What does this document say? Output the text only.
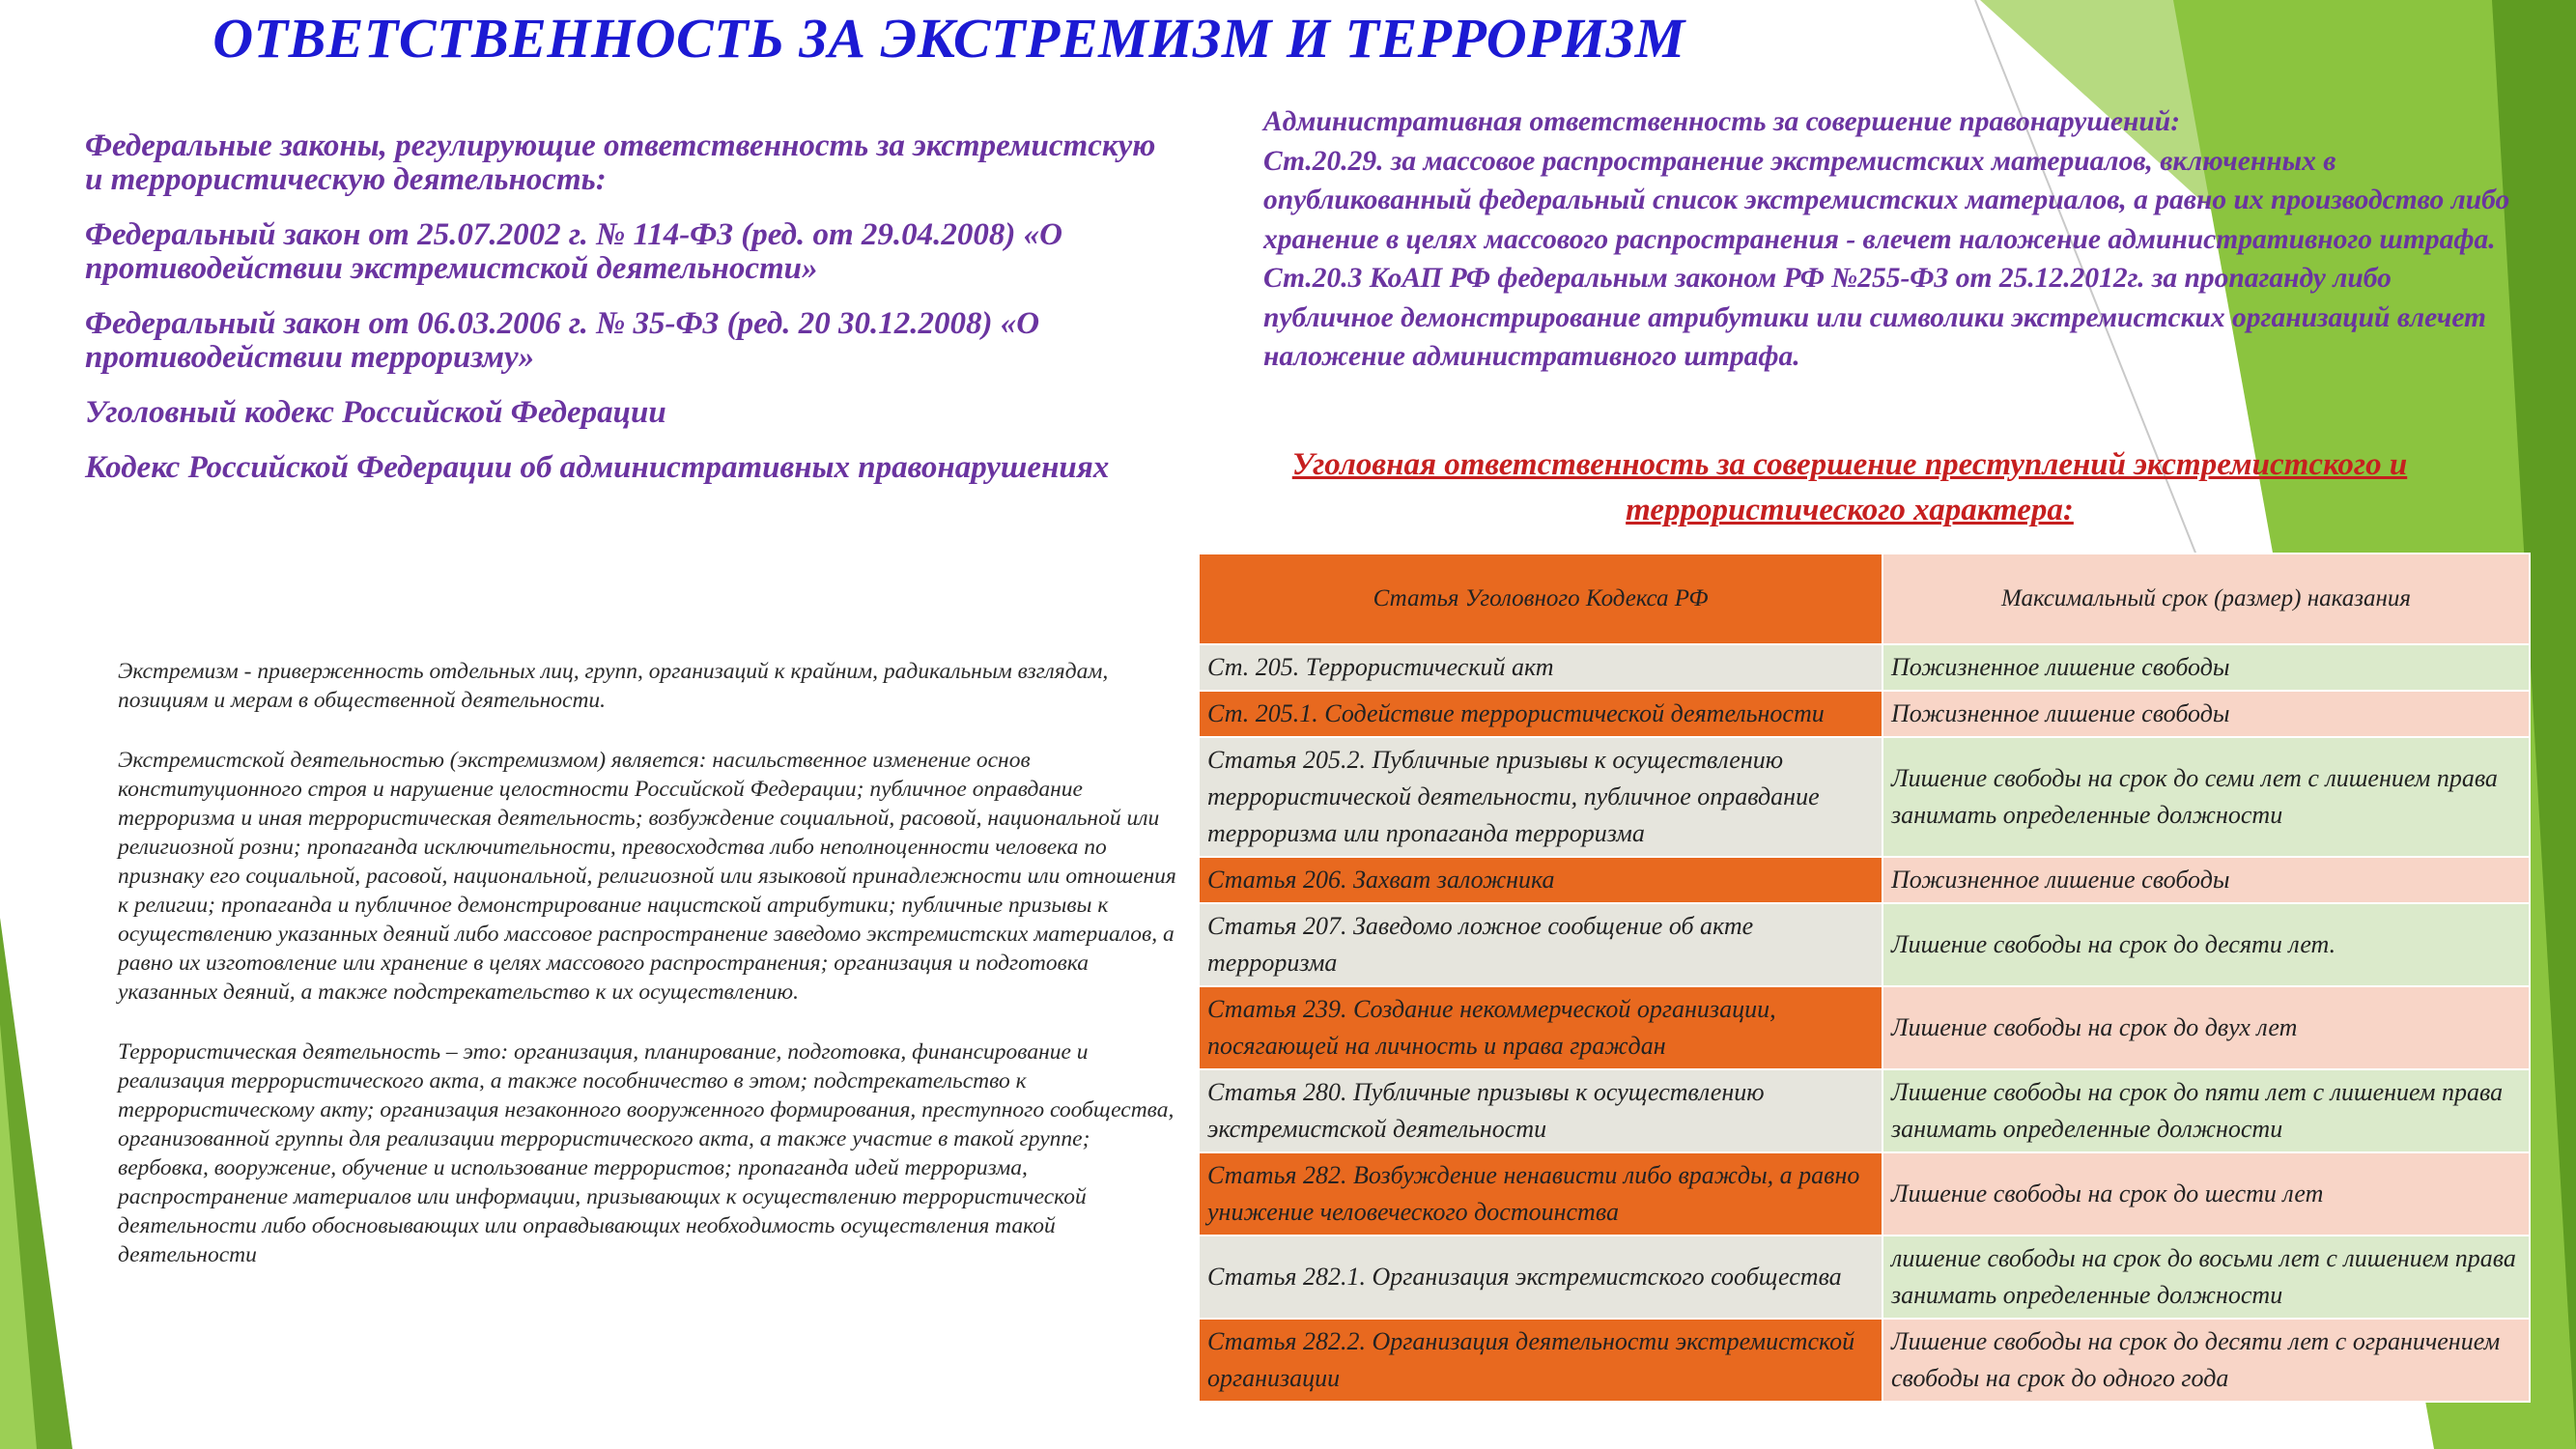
ОТВЕТСТВЕННОСТЬ ЗА ЭКСТРЕМИЗМ И ТЕРРОРИЗМ

Федеральные законы, регулирующие ответственность за экстремистскую и террористическую деятельность:

Федеральный закон от 25.07.2002 г. № 114-ФЗ (ред. от 29.04.2008) «О противодействии экстремистской деятельности»

Федеральный закон от 06.03.2006 г. № 35-ФЗ (ред. 20 30.12.2008) «О противодействии терроризму»

Уголовный кодекс Российской Федерации

Кодекс Российской Федерации об административных правонарушениях

Экстремизм - приверженность отдельных лиц, групп, организаций к крайним, радикальным взглядам, позициям и мерам в общественной деятельности.

Экстремистской деятельностью (экстремизмом) является: насильственное изменение основ конституционного строя и нарушение целостности Российской Федерации; публичное оправдание терроризма и иная террористическая деятельность; возбуждение социальной, расовой, национальной или религиозной розни; пропаганда исключительности, превосходства либо неполноценности человека по признаку его социальной, расовой, национальной, религиозной или языковой принадлежности или отношения к религии; пропаганда и публичное демонстрирование нацистской атрибутики; публичные призывы к осуществлению указанных деяний либо массовое распространение заведомо экстремистских материалов, а равно их изготовление или хранение в целях массового распространения; организация и подготовка указанных деяний, а также подстрекательство к их осуществлению.

Террористическая деятельность – это: организация, планирование, подготовка, финансирование и реализация террористического акта, а также пособничество в этом; подстрекательство к террористическому акту; организация незаконного вооруженного формирования, преступного сообщества, организованной группы для реализации террористического акта, а также участие в такой группе; вербовка, вооружение, обучение и использование террористов; пропаганда идей терроризма, распространение материалов или информации, призывающих к осуществлению террористической деятельности либо обосновывающих или оправдывающих необходимость осуществления такой деятельности

Административная ответственность за совершение правонарушений:

Ст.20.29. за массовое распространение экстремистских материалов, включенных в опубликованный федеральный список экстремистских материалов, а равно их производство либо хранение в целях массового распространения - влечет наложение административного штрафа.

Ст.20.3 КоАП РФ федеральным законом РФ №255-ФЗ от 25.12.2012г. за пропаганду либо публичное демонстрирование атрибутики или символики экстремистских организаций влечет наложение административного штрафа.

Уголовная ответственность за совершение преступлений экстремистского и террористического характера:
Статья Уголовного Кодекса РФ	Максимальный срок (размер) наказания
Ст. 205. Террористический акт	Пожизненное лишение свободы
Ст. 205.1. Содействие террористической деятельности	Пожизненное лишение свободы
Статья 205.2. Публичные призывы к осуществлению террористической деятельности, публичное оправдание терроризма или пропаганда терроризма	Лишение свободы на срок до семи лет с лишением права занимать определенные должности
Статья 206. Захват заложника	Пожизненное лишение свободы
Статья 207. Заведомо ложное сообщение об акте терроризма	Лишение свободы на срок до десяти лет.
Статья 239. Создание некоммерческой организации, посягающей на личность и права граждан	Лишение свободы на срок до двух лет
Статья 280. Публичные призывы к осуществлению экстремистской деятельности	Лишение свободы на срок до пяти лет с лишением права занимать определенные должности
Статья 282. Возбуждение ненависти либо вражды, а равно унижение человеческого достоинства	Лишение свободы на срок до шести лет
Статья 282.1. Организация экстремистского сообщества	лишение свободы на срок до восьми лет с лишением права занимать определенные должности
Статья 282.2. Организация деятельности экстремистской организации	Лишение свободы на срок до десяти лет с ограничением свободы на срок до одного года
